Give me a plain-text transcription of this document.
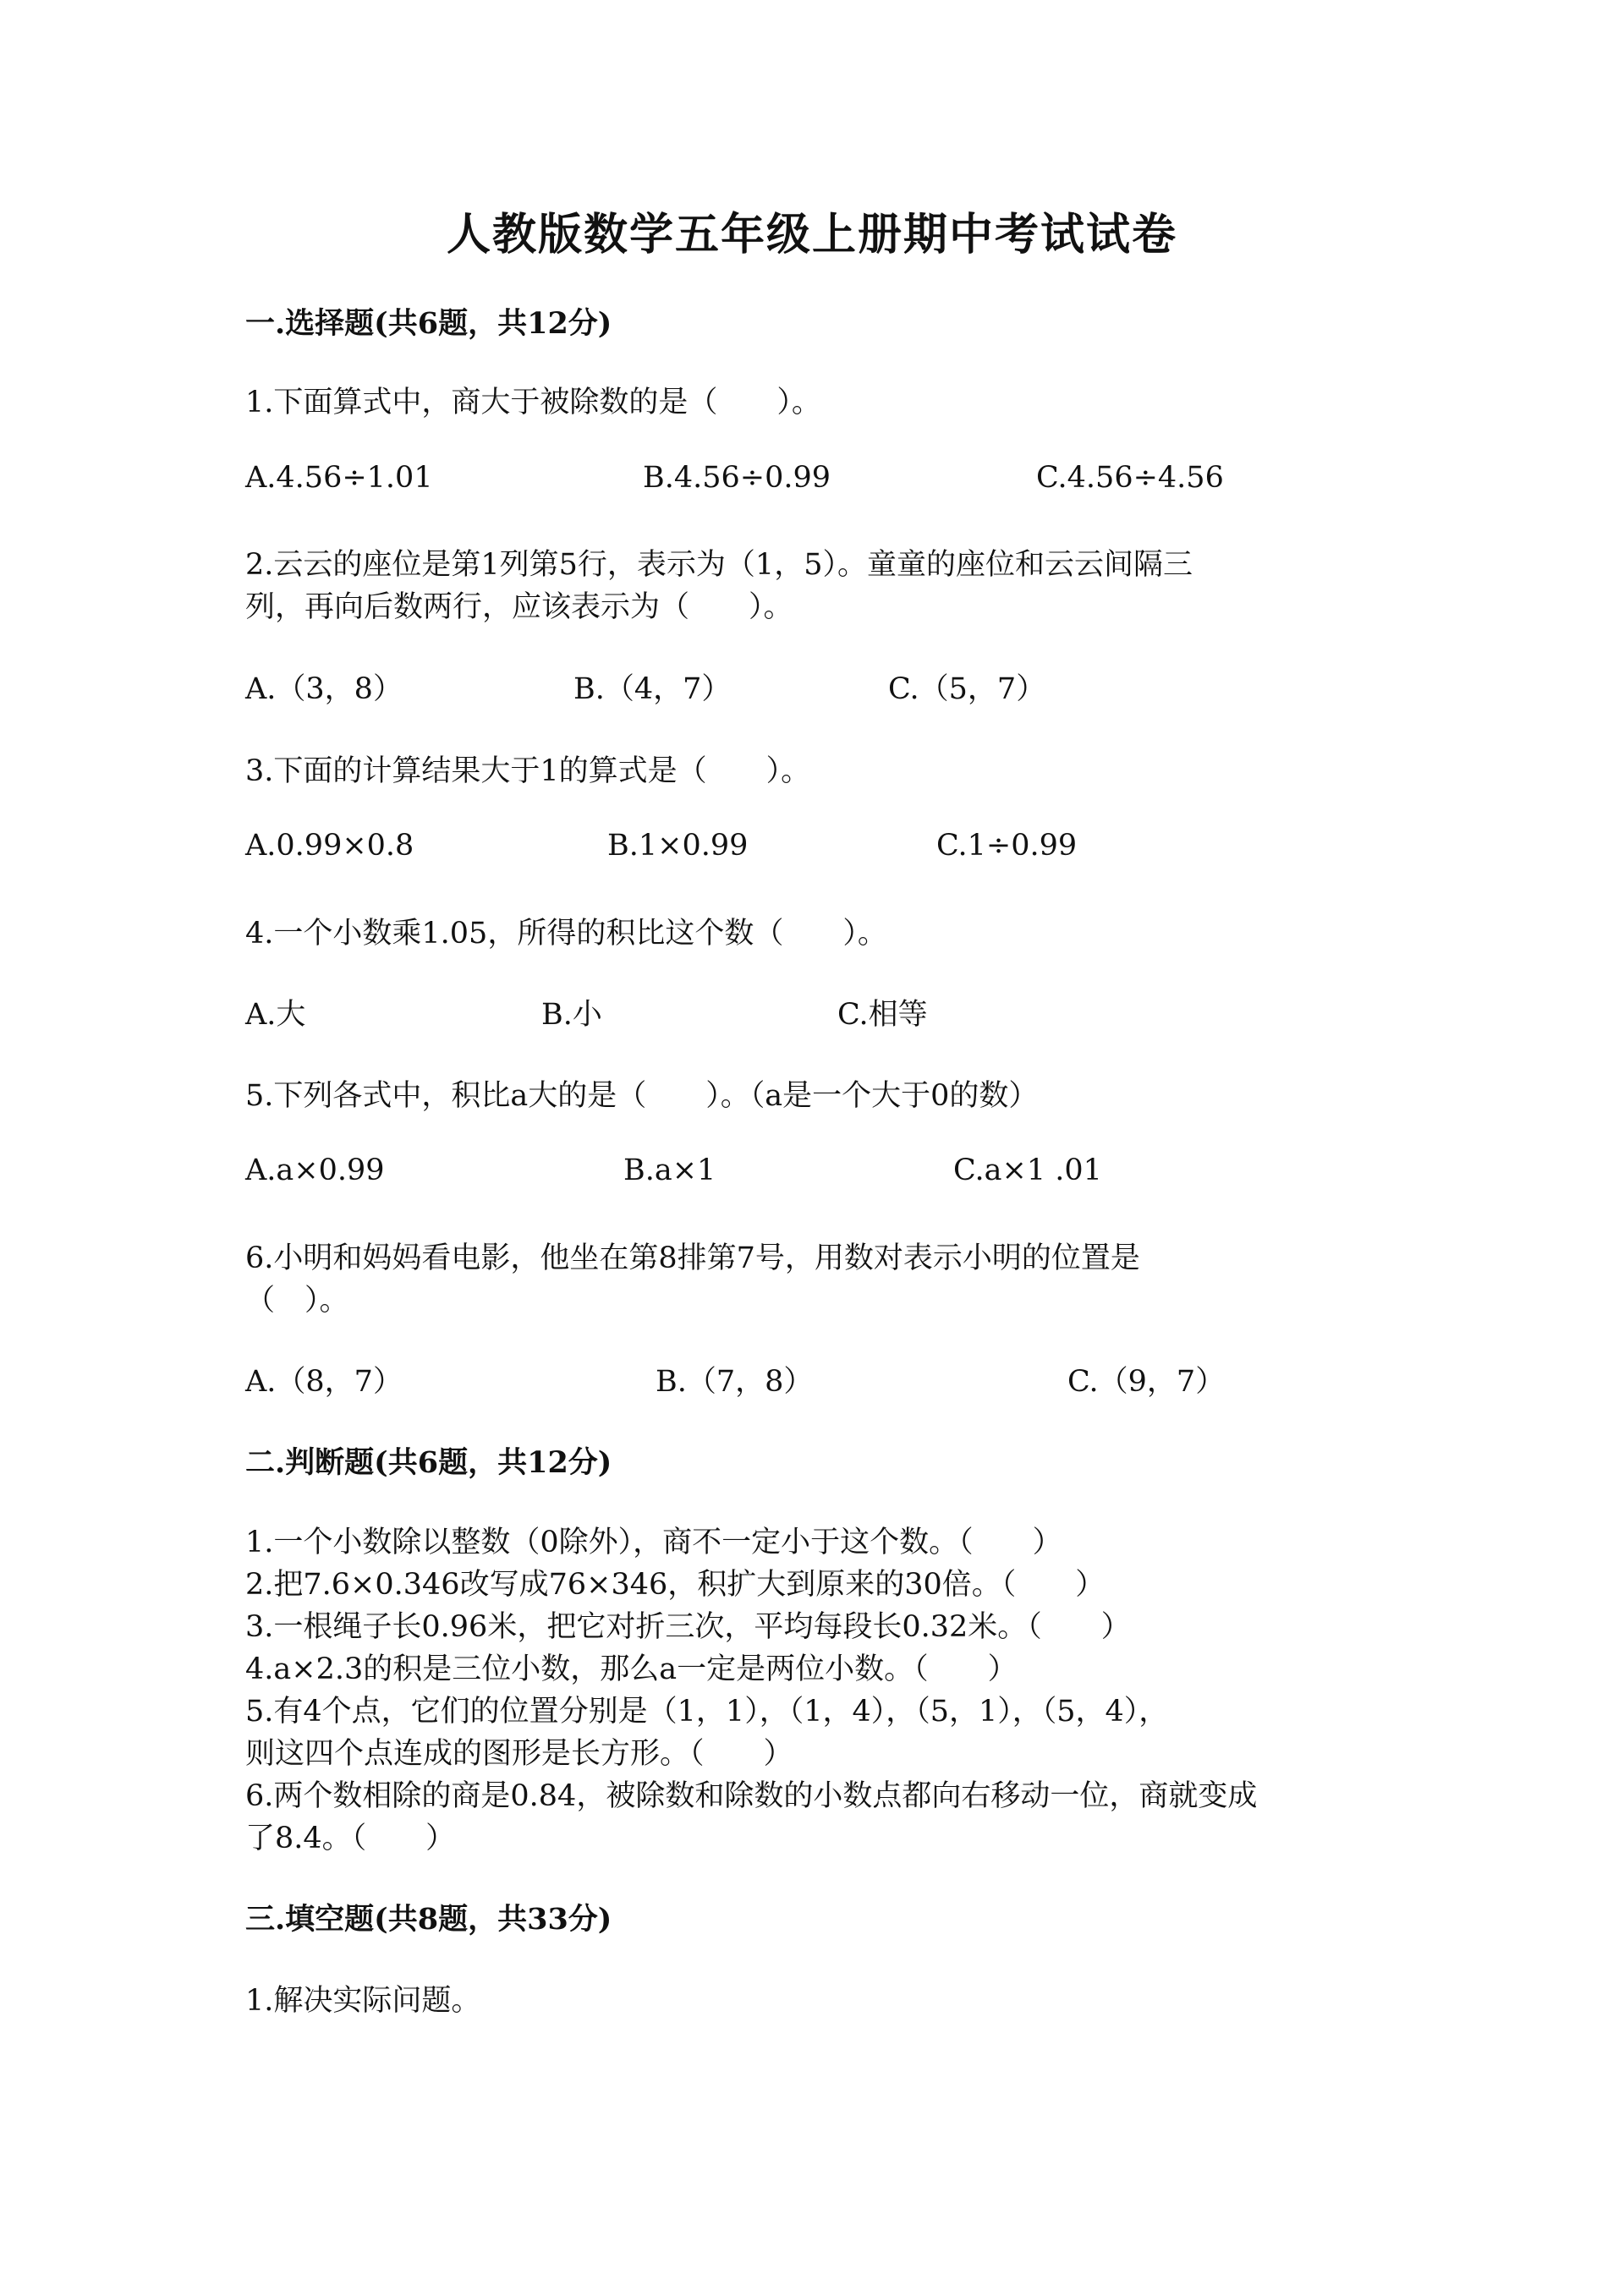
人教版数学五年级上册期中考试试卷
一.选择题(共6题，共12分)
1.下面算式中，商大于被除数的是（　　）。
A.4.56÷1.01	B.4.56÷0.99	C.4.56÷4.56
2.云云的座位是第1列第5行，表示为（1，5）。童童的座位和云云间隔三
列，再向后数两行，应该表示为（　　）。
A.（3，8）	B.（4，7）	C.（5，7）
3.下面的计算结果大于1的算式是（　　）。
A.0.99×0.8	B.1×0.99	C.1÷0.99
4.一个小数乘1.05，所得的积比这个数（　　）。
A.大	B.小	C.相等
5.下列各式中，积比a大的是（　　）。（a是一个大于0的数）
A.a×0.99	B.a×1	C.a×1 .01
6.小明和妈妈看电影，他坐在第8排第7号，用数对表示小明的位置是
（　）。
A.（8，7）	B.（7，8）	C.（9，7）
二.判断题(共6题，共12分)
1.一个小数除以整数（0除外），商不一定小于这个数。（　　）
2.把7.6×0.346改写成76×346，积扩大到原来的30倍。（　　）
3.一根绳子长0.96米，把它对折三次，平均每段长0.32米。（　　）
4.a×2.3的积是三位小数，那么a一定是两位小数。（　　）
5.有4个点，它们的位置分别是（1，1），（1，4），（5，1），（5，4），
则这四个点连成的图形是长方形。（　　）
6.两个数相除的商是0.84，被除数和除数的小数点都向右移动一位，商就变成
了8.4。（　　）
三.填空题(共8题，共33分)
1.解决实际问题。
